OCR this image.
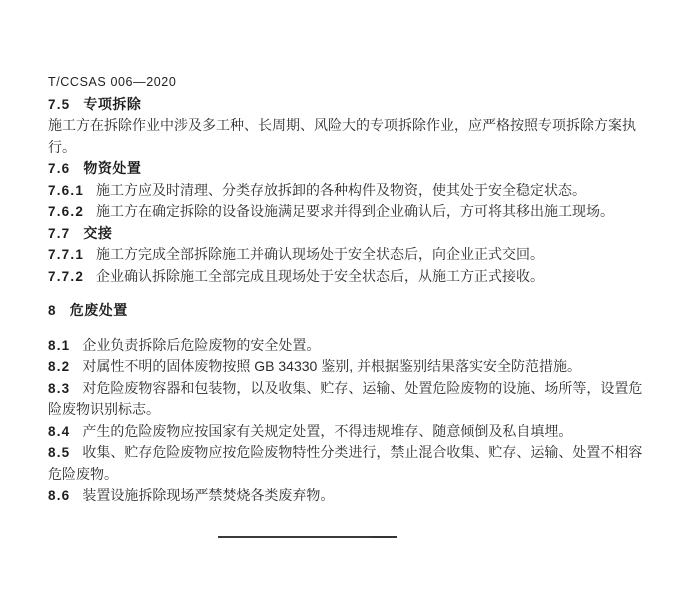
T/CCSAS 006—2020

7.5 专项拆除

施工方在拆除作业中涉及多工种、长周期、风险大的专项拆除作业，应严格按照专项拆除方案执行。

7.6 物资处置

7.6.1 施工方应及时清理、分类存放拆卸的各种构件及物资，使其处于安全稳定状态。

7.6.2 施工方在确定拆除的设备设施满足要求并得到企业确认后，方可将其移出施工现场。

7.7 交接

7.7.1 施工方完成全部拆除施工并确认现场处于安全状态后，向企业正式交回。

7.7.2 企业确认拆除施工全部完成且现场处于安全状态后，从施工方正式接收。

8 危废处置

8.1 企业负责拆除后危险废物的安全处置。

8.2 对属性不明的固体废物按照 GB 34330 鉴别, 并根据鉴别结果落实安全防范措施。

8.3 对危险废物容器和包装物，以及收集、贮存、运输、处置危险废物的设施、场所等，设置危险废物识别标志。

8.4 产生的危险废物应按国家有关规定处置，不得违规堆存、随意倾倒及私自填埋。

8.5 收集、贮存危险废物应按危险废物特性分类进行，禁止混合收集、贮存、运输、处置不相容危险废物。

8.6 装置设施拆除现场严禁焚烧各类废弃物。
